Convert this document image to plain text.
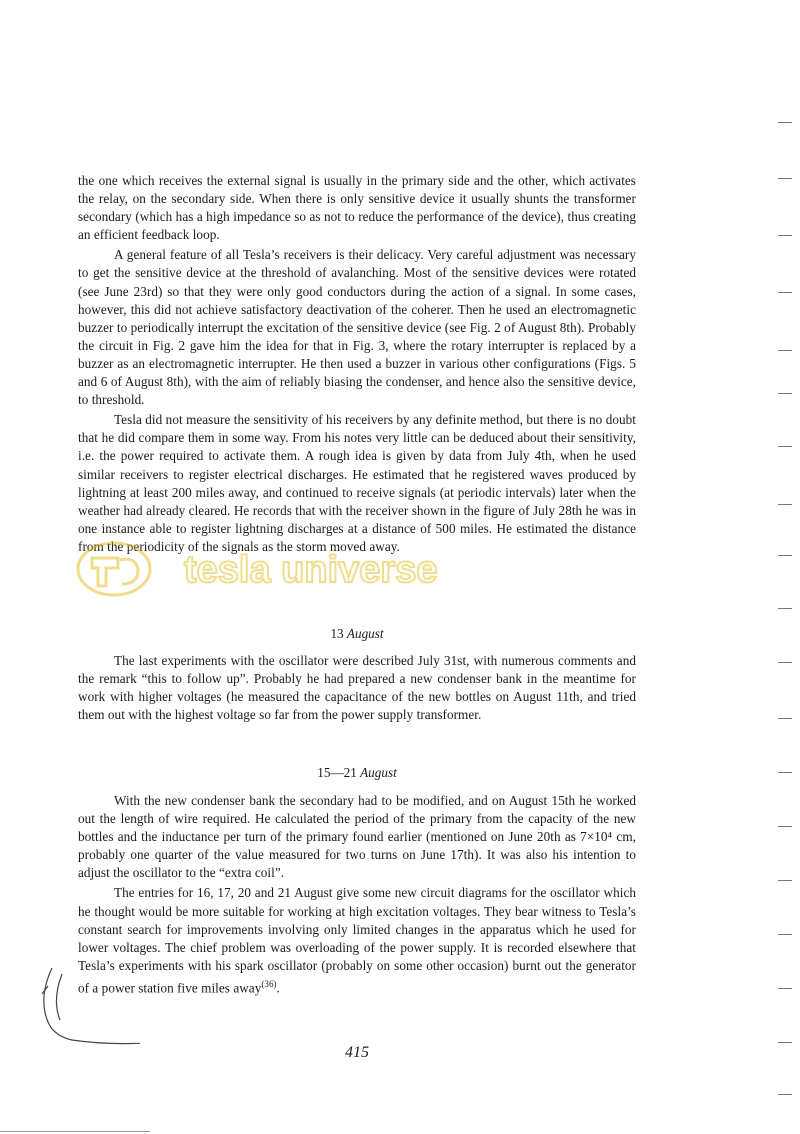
the one which receives the external signal is usually in the primary side and the other, which activates the relay, on the secondary side. When there is only sensitive device it usually shunts the transformer secondary (which has a high impedance so as not to reduce the performance of the device), thus creating an efficient feedback loop.

A general feature of all Tesla’s receivers is their delicacy. Very careful adjustment was necessary to get the sensitive device at the threshold of avalanching. Most of the sensitive devices were rotated (see June 23rd) so that they were only good conductors during the action of a signal. In some cases, however, this did not achieve satisfactory deactivation of the coherer. Then he used an electromagnetic buzzer to periodically interrupt the excitation of the sensitive device (see Fig. 2 of August 8th). Probably the circuit in Fig. 2 gave him the idea for that in Fig. 3, where the rotary interrupter is replaced by a buzzer as an electromagnetic interrupter. He then used a buzzer in various other configurations (Figs. 5 and 6 of August 8th), with the aim of reliably biasing the condenser, and hence also the sensitive device, to threshold.

Tesla did not measure the sensitivity of his receivers by any definite method, but there is no doubt that he did compare them in some way. From his notes very little can be deduced about their sensitivity, i.e. the power required to activate them. A rough idea is given by data from July 4th, when he used similar receivers to register electrical discharges. He estimated that he registered waves produced by lightning at least 200 miles away, and continued to receive signals (at periodic intervals) later when the weather had already cleared. He records that with the receiver shown in the figure of July 28th he was in one instance able to register lightning discharges at a distance of 500 miles. He estimated the distance from the periodicity of the signals as the storm moved away.

13 August

The last experiments with the oscillator were described July 31st, with numerous comments and the remark “this to follow up”. Probably he had prepared a new condenser bank in the meantime for work with higher voltages (he measured the capacitance of the new bottles on August 11th, and tried them out with the highest voltage so far from the power supply transformer.

15—21 August

With the new condenser bank the secondary had to be modified, and on August 15th he worked out the length of wire required. He calculated the period of the primary from the capacity of the new bottles and the inductance per turn of the primary found earlier (mentioned on June 20th as 7×10⁴ cm, probably one quarter of the value measured for two turns on June 17th). It was also his intention to adjust the oscillator to the “extra coil”.

The entries for 16, 17, 20 and 21 August give some new circuit diagrams for the oscillator which he thought would be more suitable for working at high excitation voltages. They bear witness to Tesla’s constant search for improvements involving only limited changes in the apparatus which he used for lower voltages. The chief problem was overloading of the power supply. It is recorded elsewhere that Tesla’s experiments with his spark oscillator (probably on some other occasion) burnt out the generator of a power station five miles away$^{(36)}$.

415
tesla universe
